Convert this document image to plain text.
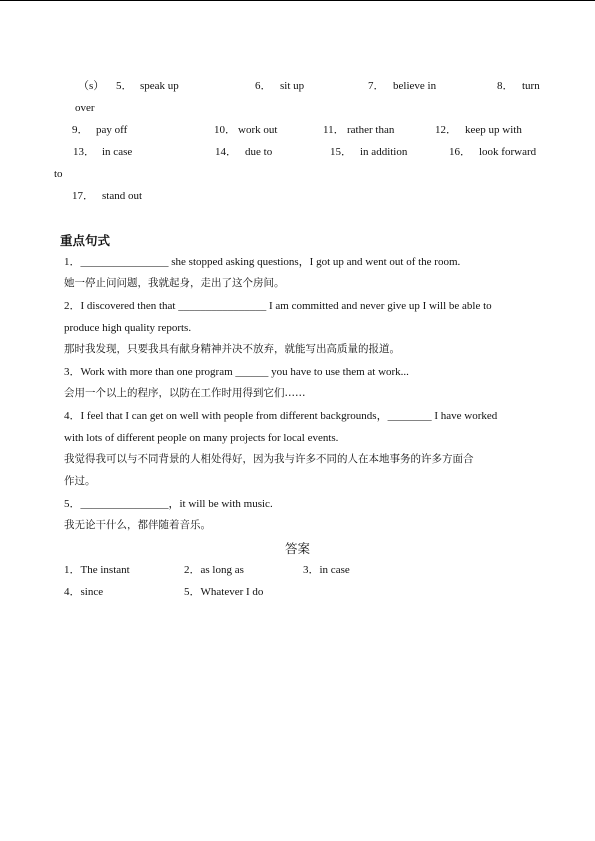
（s） 5． speak up	6． sit up	7． believe in	8． turn
over
9． pay off	10． work out	11． rather than	12． keep up with
13． in case	14． due to	15． in addition	16． look forward
to
17． stand out
重点句式
1．________________ she stopped asking questions，I got up and went out of the room.
她一停止问问题，我就起身，走出了这个房间。
2．I discovered then that ________________ I am committed and never give up I will be able to
produce high quality reports.
那时我发现，只要我具有献身精神并决不放弃，就能写出高质量的报道。
3．Work with more than one program ______ you have to use them at work...
会用一个以上的程序，以防在工作时用得到它们……
4．I feel that I can get on well with people from different backgrounds，________ I have worked
with lots of different people on many projects for local events.
我觉得我可以与不同背景的人相处得好，因为我与许多不同的人在本地事务的许多方面合
作过。
5．________________，it will be with music.
我无论干什么，都伴随着音乐。
答案
1．The instant	2．as long as	3．in case
4．since	5．Whatever I do
